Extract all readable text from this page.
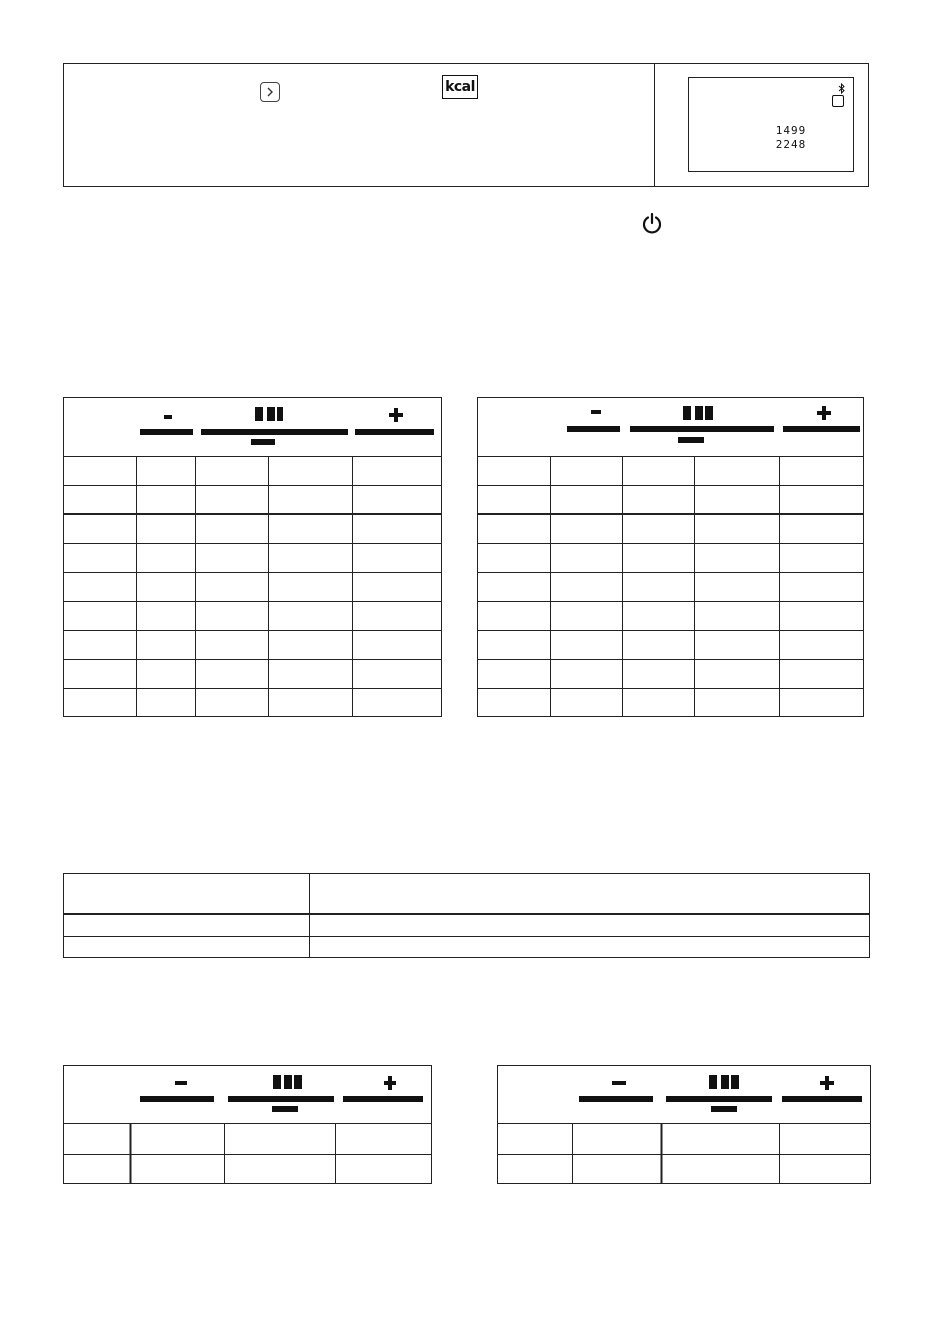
kcal
1499
2248
